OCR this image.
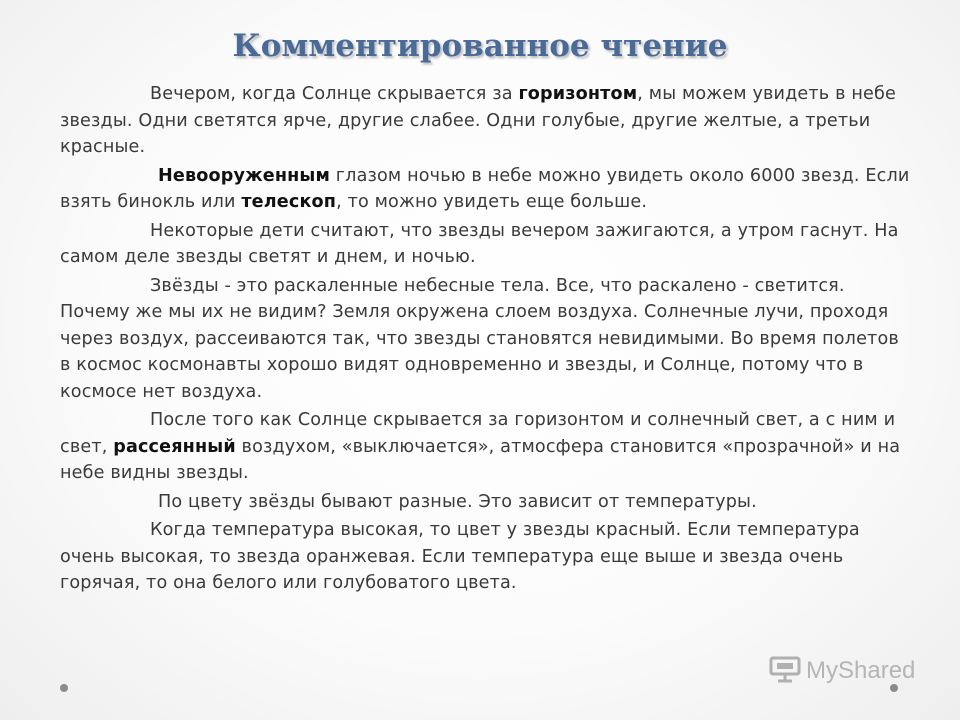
Комментированное чтение

Вечером, когда Солнце скрывается за горизонтом, мы можем увидеть в небе звезды. Одни светятся ярче, другие слабее. Одни голубые, другие желтые, а третьи красные.

Невооруженным глазом ночью в небе можно увидеть около 6000 звезд. Если взять бинокль или телескоп, то можно увидеть еще больше.

Некоторые дети считают, что звезды вечером зажигаются, а утром гаснут. На самом деле звезды светят и днем, и ночью.

Звёзды - это раскаленные небесные тела. Все, что раскалено - светится. Почему же мы их не видим? Земля окружена слоем воздуха. Солнечные лучи, проходя через воздух, рассеиваются так, что звезды становятся невидимыми. Во время полетов в космос космонавты хорошо видят одновременно и звезды, и Солнце, потому что в космосе нет воздуха.

После того как Солнце скрывается за горизонтом и солнечный свет, а с ним и свет, рассеянный воздухом, «выключается», атмосфера становится «прозрачной» и на небе видны звезды.

По цвету звёзды бывают разные. Это зависит от температуры.

Когда температура высокая, то цвет у звезды красный. Если температура очень высокая, то звезда оранжевая. Если температура еще выше и звезда очень горячая, то она белого или голубоватого цвета.

MyShared
